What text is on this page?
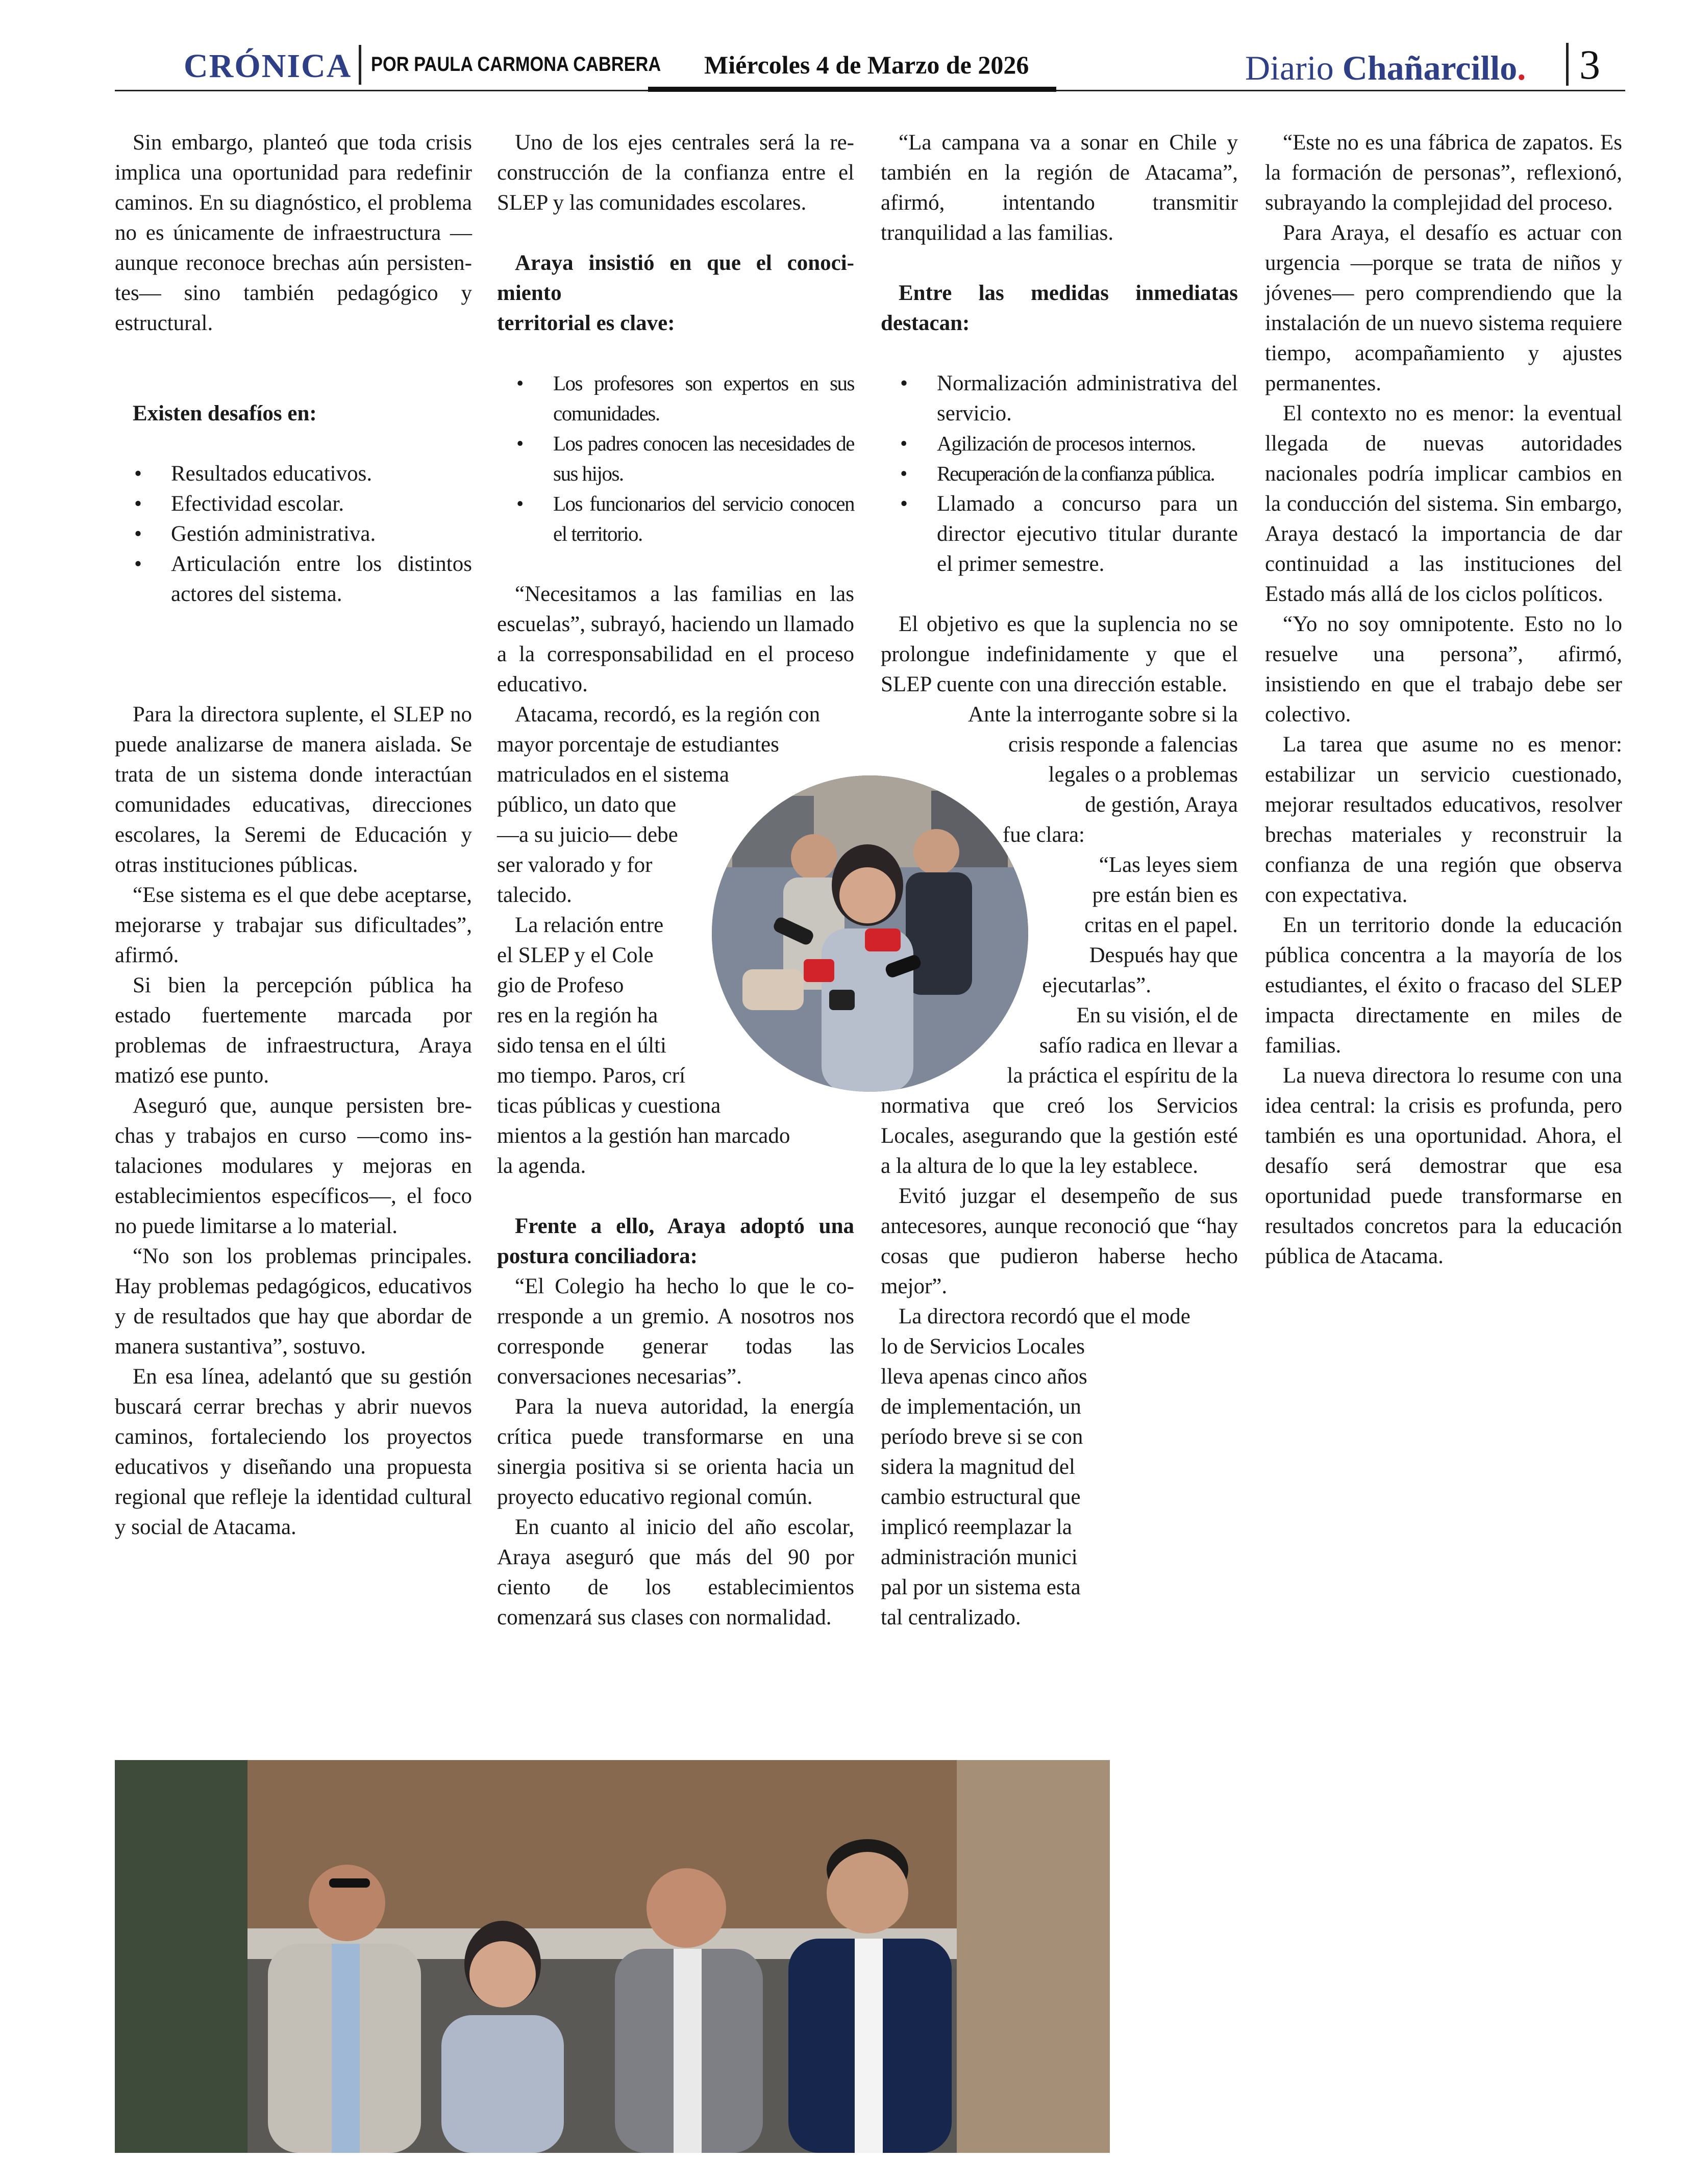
CRÓNICA POR PAULA CARMONA CABRERA Miércoles 4 de Marzo de 2026	Diario Chañarcillo. 3

Sin embargo, planteó que toda crisis implica una oportunidad para redefinir caminos. En su diagnóstico, el problema no es únicamente de infraestructura —aunque reconoce brechas aún persistentes— sino también pedagógico y estructural.

Existen desafíos en:

• Resultados educativos.
• Efectividad escolar.
• Gestión administrativa.
• Articulación entre los distintos actores del sistema.

Para la directora suplente, el SLEP no puede analizarse de manera aislada. Se trata de un sistema donde interactúan comunidades educativas, direcciones escolares, la Seremi de Educación y otras instituciones públicas.

“Ese sistema es el que debe aceptarse, mejorarse y trabajar sus dificultades”, afirmó.

Si bien la percepción pública ha estado fuertemente marcada por problemas de infraestructura, Araya matizó ese punto.

Aseguró que, aunque persisten brechas y trabajos en curso —como instalaciones modulares y mejoras en establecimientos específicos—, el foco no puede limitarse a lo material.

“No son los problemas principales. Hay problemas pedagógicos, educativos y de resultados que hay que abordar de manera sustantiva”, sostuvo.

En esa línea, adelantó que su gestión buscará cerrar brechas y abrir nuevos caminos, fortaleciendo los proyectos educativos y diseñando una propuesta regional que refleje la identidad cultural y social de Atacama.

Uno de los ejes centrales será la reconstrucción de la confianza entre el SLEP y las comunidades escolares.

Araya insistió en que el conocimiento
territorial es clave:

• Los profesores son expertos en sus comunidades.
• Los padres conocen las necesidades de sus hijos.
• Los funcionarios del servicio conocen el territorio.

“Necesitamos a las familias en las escuelas”, subrayó, haciendo un llamado a la corresponsabilidad en el proceso educativo.

Atacama, recordó, es la región con
mayor porcentaje de estudiantes
matriculados en el sistema
público, un dato que
—a su juicio— debe
ser valorado y for
talecido.

La relación entre
el SLEP y el Cole
gio de Profeso
res en la región ha
sido tensa en el últi
mo tiempo. Paros, crí
ticas públicas y cuestiona
mientos a la gestión han marcado
la agenda.

Frente a ello, Araya adoptó una postura conciliadora:

“El Colegio ha hecho lo que le corresponde a un gremio. A nosotros nos corresponde generar todas las conversaciones necesarias”.

Para la nueva autoridad, la energía crítica puede transformarse en una sinergia positiva si se orienta hacia un proyecto educativo regional común.

En cuanto al inicio del año escolar, Araya aseguró que más del 90 por ciento de los establecimientos comenzará sus clases con normalidad.

“La campana va a sonar en Chile y también en la región de Atacama”, afirmó, intentando transmitir tranquilidad a las familias.

Entre las medidas inmediatas destacan:

• Normalización administrativa del servicio.
• Agilización de procesos internos.
• Recuperación de la confianza pública.
• Llamado a concurso para un director ejecutivo titular durante el primer semestre.

El objetivo es que la suplencia no se prolongue indefinidamente y que el SLEP cuente con una dirección estable.

Ante la interrogante sobre si la
crisis responde a falencias
legales o a problemas
de gestión, Araya
fue clara:

“Las leyes siem
pre están bien es
critas en el papel.
Después hay que
ejecutarlas”.

En su visión, el de
safío radica en llevar a
la práctica el espíritu de la

normativa que creó los Servicios Locales, asegurando que la gestión esté a la altura de lo que la ley establece.

Evitó juzgar el desempeño de sus antecesores, aunque reconoció que “hay cosas que pudieron haberse hecho mejor”.

La directora recordó que el mode

lo de Servicios Locales
lleva apenas cinco años
de implementación, un
período breve si se con
sidera la magnitud del
cambio estructural que
implicó reemplazar la
administración munici
pal por un sistema esta
tal centralizado.

“Este no es una fábrica de zapatos. Es la formación de personas”, reflexionó, subrayando la complejidad del proceso.

Para Araya, el desafío es actuar con urgencia —porque se trata de niños y jóvenes— pero comprendiendo que la instalación de un nuevo sistema requiere tiempo, acompañamiento y ajustes permanentes.

El contexto no es menor: la eventual llegada de nuevas autoridades nacionales podría implicar cambios en la conducción del sistema. Sin embargo, Araya destacó la importancia de dar continuidad a las instituciones del Estado más allá de los ciclos políticos.

“Yo no soy omnipotente. Esto no lo resuelve una persona”, afirmó, insistiendo en que el trabajo debe ser colectivo.

La tarea que asume no es menor: estabilizar un servicio cuestionado, mejorar resultados educativos, resolver brechas materiales y reconstruir la confianza de una región que observa con expectativa.

En un territorio donde la educación pública concentra a la mayoría de los estudiantes, el éxito o fracaso del SLEP impacta directamente en miles de familias.

La nueva directora lo resume con una idea central: la crisis es profunda, pero también es una oportunidad. Ahora, el desafío será demostrar que esa oportunidad puede transformarse en resultados concretos para la educación pública de Atacama.
